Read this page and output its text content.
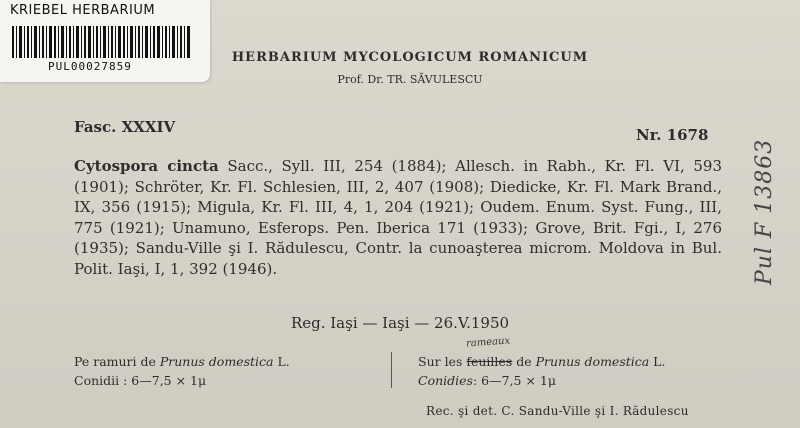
KRIEBEL HERBARIUM
PUL00027859
HERBARIUM MYCOLOGICUM ROMANICUM
Prof. Dr. TR. SĂVULESCU
Fasc. XXXIV	Nr. 1678

Cytospora cincta Sacc., Syll. III, 254 (1884); Allesch. in Rabh., Kr. Fl. VI, 593 (1901); Schröter, Kr. Fl. Schlesien, III, 2, 407 (1908); Diedicke, Kr. Fl. Mark Brand., IX, 356 (1915); Migula, Kr. Fl. III, 4, 1, 204 (1921); Oudem. Enum. Syst. Fung., III, 775 (1921); Unamuno, Esferops. Pen. Iberica 171 (1933); Grove, Brit. Fgi., I, 276 (1935); Sandu-Ville şi I. Rădulescu, Contr. la cunoaşterea microm. Moldova in Bul. Polit. Iaşi, I, 1, 392 (1946).

Reg. Iaşi — Iaşi — 26.V.1950
Pe ramuri de Prunus domestica L.
Conidii : 6—7,5 × 1μ
rameaux
Sur les feuilles de Prunus domestica L.
Conidies: 6—7,5 × 1μ
Rec. şi det. C. Sandu-Ville şi I. Rădulescu
Pul F 13863
